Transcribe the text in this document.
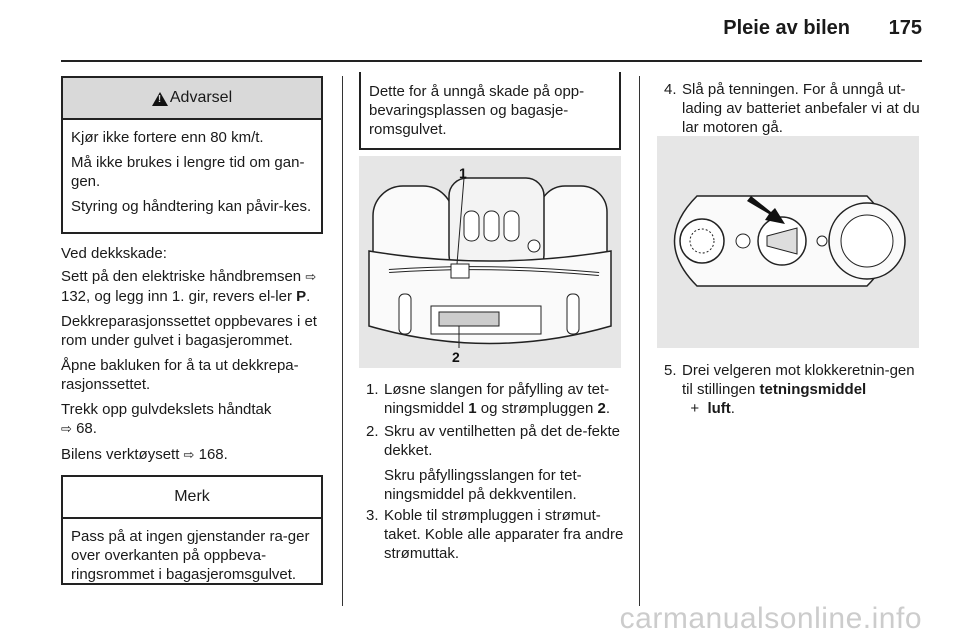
Pleie av bilen 175
!
Advarsel

Kjør ikke fortere enn 80 km/t.

Må ikke brukes i lengre tid om gan-gen.

Styring og håndtering kan påvir-kes.

Ved dekkskade:

Sett på den elektriske håndbremsen ⇨ 132, og legg inn 1. gir, revers el-ler P.

Dekkreparasjonssettet oppbevares i et rom under gulvet i bagasjerommet.

Åpne bakluken for å ta ut dekkrepa-rasjonssettet.

Trekk opp gulvdekslets håndtak
⇨ 68.

Bilens verktøysett ⇨ 168.

Merk

Pass på at ingen gjenstander ra-ger over overkanten på oppbeva-ringsrommet i bagasjeromsgulvet.

Dette for å unngå skade på opp-bevaringsplassen og bagasje-romsgulvet.

1
2
1. Løsne slangen for påfylling av tet-ningsmiddel 1 og strømpluggen 2.

2. Skru av ventilhetten på det de-fekte dekket.

Skru påfyllingsslangen for tet-ningsmiddel på dekkventilen.

3. Koble til strømpluggen i strømut-taket. Koble alle apparater fra andre strømuttak.

4. Slå på tenningen. For å unngå ut-lading av batteriet anbefaler vi at du lar motoren gå.

5. Drei velgeren mot klokkeretnin-gen til stillingen tetningsmiddel
+ luft.

carmanualsonline.info
